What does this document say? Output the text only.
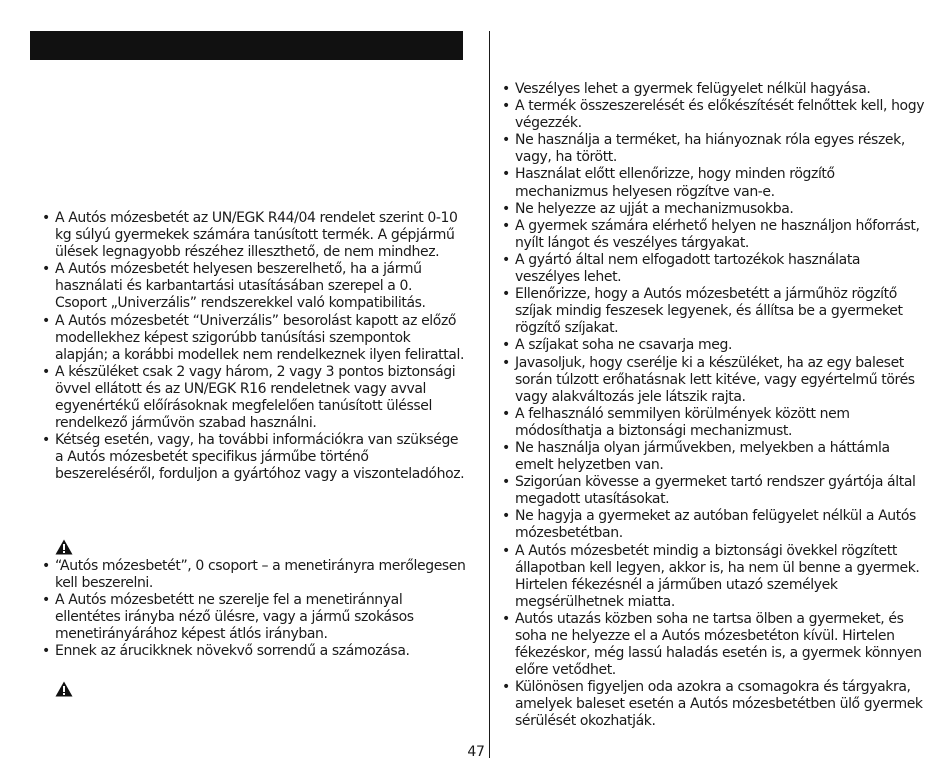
• A Autós mózesbetét az UN/EGK R44/04 rendelet szerint 0-10 kg súlyú gyermekek számára tanúsított termék. A gépjármű ülések legnagyobb részéhez illeszthető, de nem mindhez.
• A Autós mózesbetét helyesen beszerelhető, ha a jármű használati és karbantartási utasításában szerepel a 0. Csoport „Univerzális” rendszerekkel való kompatibilitás.
• A Autós mózesbetét “Univerzális” besorolást kapott az előző modellekhez képest szigorúbb tanúsítási szempontok alapján; a korábbi modellek nem rendelkeznek ilyen felirattal.
• A készüléket csak 2 vagy három, 2 vagy 3 pontos biztonsági övvel ellátott és az UN/EGK R16 rendeletnek vagy avval egyenértékű előírásoknak megfelelően tanúsított üléssel rendelkező járművön szabad használni.
• Kétség esetén, vagy, ha további információkra van szüksége a Autós mózesbetét specifikus járműbe történő beszereléséről, forduljon a gyártóhoz vagy a viszonteladóhoz.
• “Autós mózesbetét”, 0 csoport – a menetirányra merőlegesen kell beszerelni.
• A Autós mózesbetétt ne szerelje fel a menetiránnyal ellentétes irányba néző ülésre, vagy a jármű szokásos menetirányárához képest átlós irányban.
• Ennek az árucikknek növekvő sorrendű a számozása.
• Veszélyes lehet a gyermek felügyelet nélkül hagyása.
• A termék összeszerelését és előkészítését felnőttek kell, hogy végezzék.
• Ne használja a terméket, ha hiányoznak róla egyes részek, vagy, ha törött.
• Használat előtt ellenőrizze, hogy minden rögzítő mechanizmus helyesen rögzítve van-e.
• Ne helyezze az ujját a mechanizmusokba.
• A gyermek számára elérhető helyen ne használjon hőforrást, nyílt lángot és veszélyes tárgyakat.
• A gyártó által nem elfogadott tartozékok használata veszélyes lehet.
• Ellenőrizze, hogy a Autós mózesbetétt a járműhöz rögzítő szíjak mindig feszesek legyenek, és állítsa be a gyermeket rögzítő szíjakat.
• A szíjakat soha ne csavarja meg.
• Javasoljuk, hogy cserélje ki a készüléket, ha az egy baleset során túlzott erőhatásnak lett kitéve, vagy egyértelmű törés vagy alakváltozás jele látszik rajta.
• A felhasználó semmilyen körülmények között nem módosíthatja a biztonsági mechanizmust.
• Ne használja olyan járművekben, melyekben a háttámla emelt helyzetben van.
• Szigorúan kövesse a gyermeket tartó rendszer gyártója által megadott utasításokat.
• Ne hagyja a gyermeket az autóban felügyelet nélkül a Autós mózesbetétban.
• A Autós mózesbetét mindig a biztonsági övekkel rögzített állapotban kell legyen, akkor is, ha nem ül benne a gyermek. Hirtelen fékezésnél a járműben utazó személyek megsérülhetnek miatta.
• Autós utazás közben soha ne tartsa ölben a gyermeket, és soha ne helyezze el a Autós mózesbetéton kívül. Hirtelen fékezéskor, még lassú haladás esetén is, a gyermek könnyen előre vetődhet.
• Különösen figyeljen oda azokra a csomagokra és tárgyakra, amelyek baleset esetén a Autós mózesbetétben ülő gyermek sérülését okozhatják.
47
